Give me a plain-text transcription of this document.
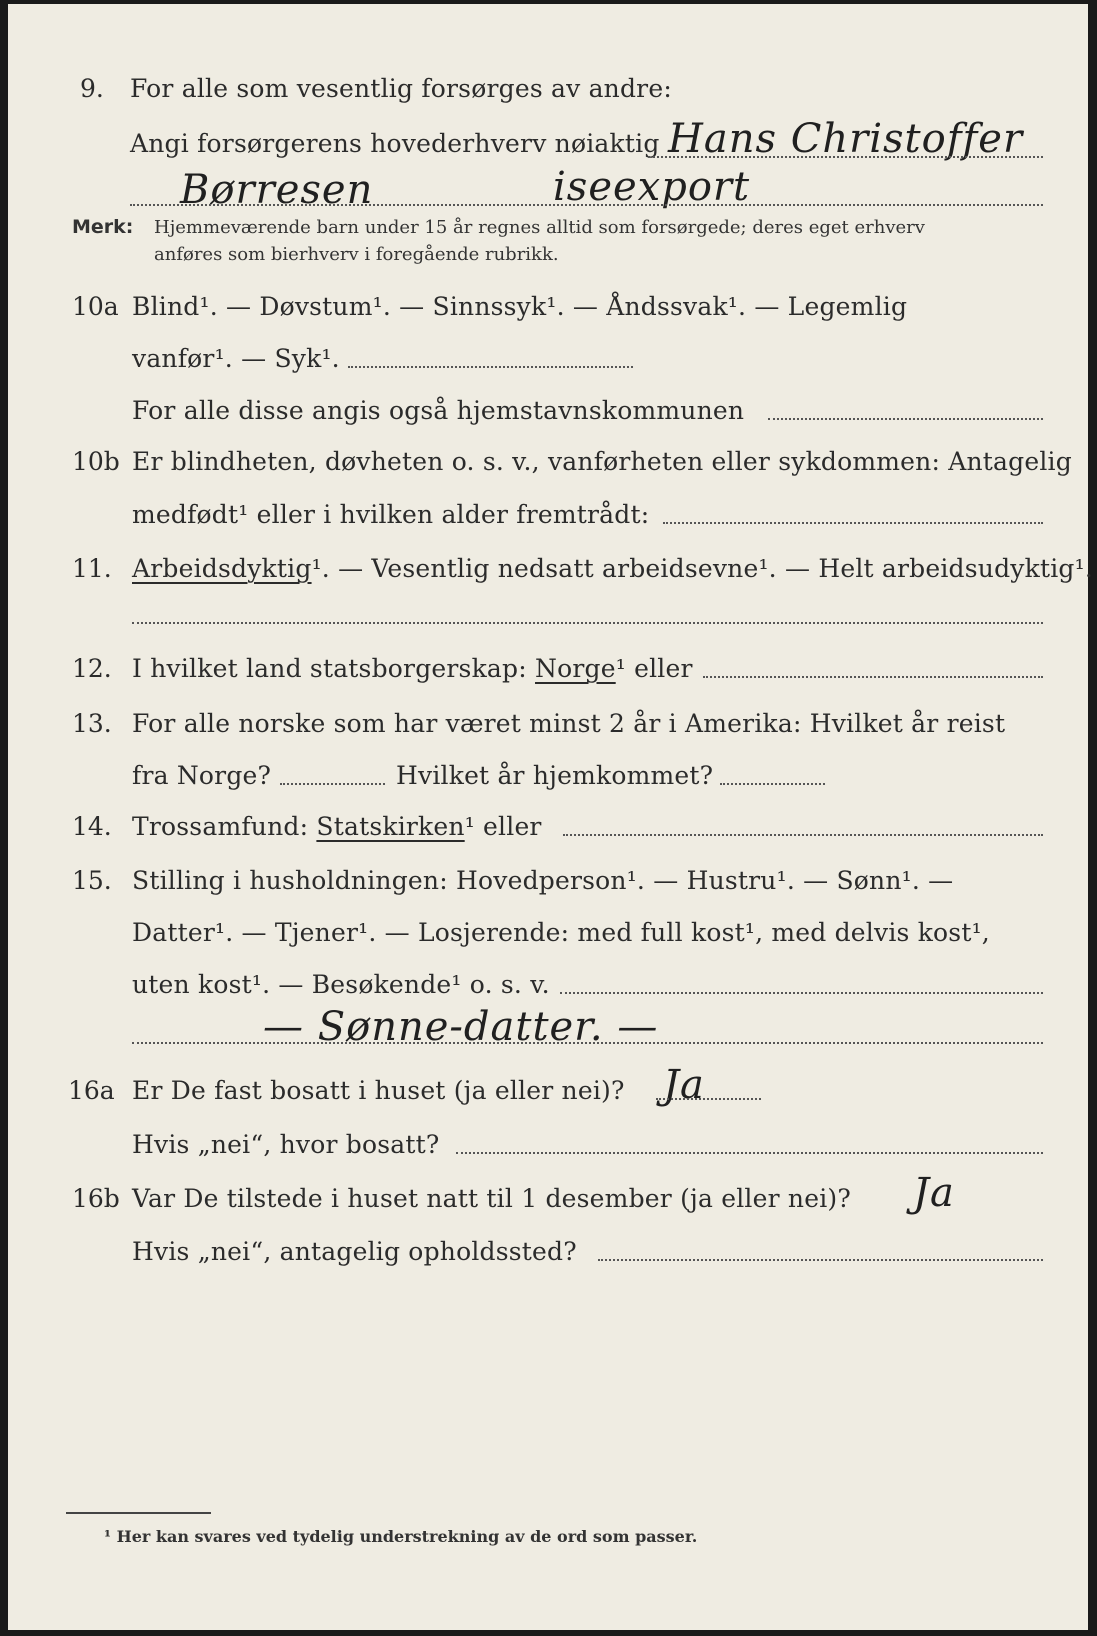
9. For alle som vesentlig forsørges av andre:
Angi forsørgerens hovederhverv nøiaktig Hans Christoffer
Børresen	iseexport
Merk: Hjemmeværende barn under 15 år regnes alltid som forsørgede; deres eget erhverv
anføres som bierhverv i foregående rubrikk.
10a Blind¹. — Døvstum¹. — Sinnssyk¹. — Åndssvak¹. — Legemlig
vanfør¹. — Syk¹.
For alle disse angis også hjemstavnskommunen
10b Er blindheten, døvheten o. s. v., vanførheten eller sykdommen: Antagelig
medfødt¹ eller i hvilken alder fremtrådt:
11. Arbeidsdyktig¹. — Vesentlig nedsatt arbeidsevne¹. — Helt arbeidsudyktig¹.
12. I hvilket land statsborgerskap: Norge¹ eller
13. For alle norske som har været minst 2 år i Amerika: Hvilket år reist
fra Norge?	Hvilket år hjemkommet?
14. Trossamfund: Statskirken¹ eller
15. Stilling i husholdningen: Hovedperson¹. — Hustru¹. — Sønn¹. —
Datter¹. — Tjener¹. — Losjerende: med full kost¹, med delvis kost¹,
uten kost¹. — Besøkende¹ o. s. v.
— Sønne-datter. —
16a Er De fast bosatt i huset (ja eller nei)? Ja
Hvis „nei“, hvor bosatt?
16b Var De tilstede i huset natt til 1 desember (ja eller nei)? Ja
Hvis „nei“, antagelig opholdssted?
¹ Her kan svares ved tydelig understrekning av de ord som passer.
